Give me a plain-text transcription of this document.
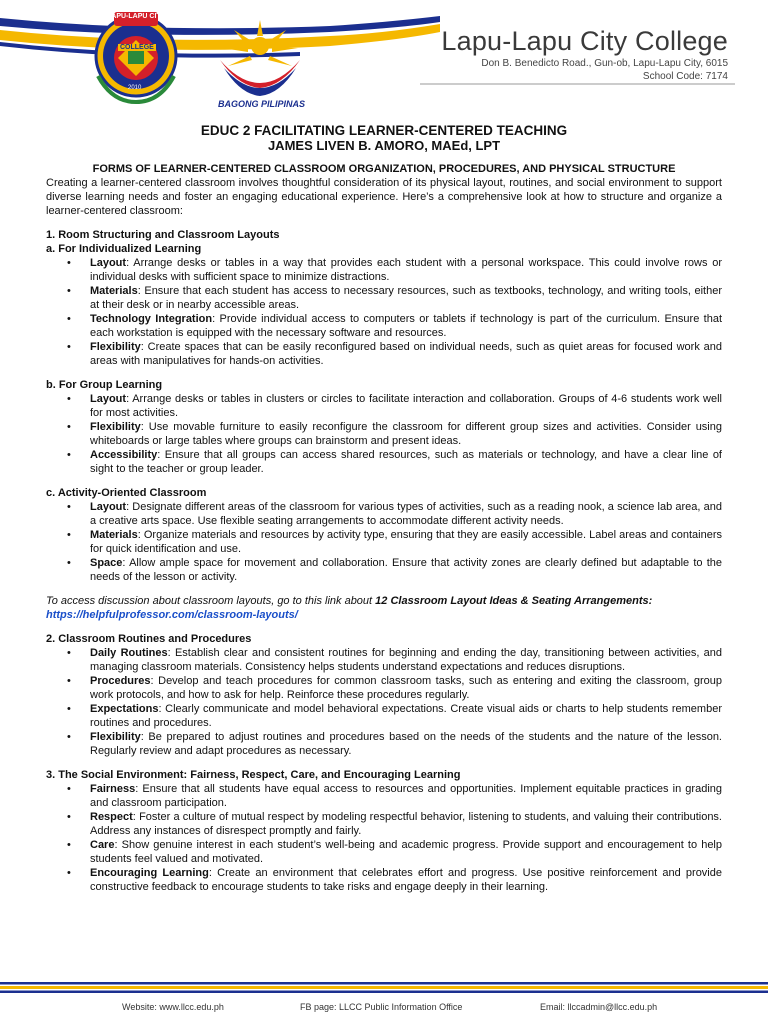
LAPU-LAPU CITY
COLLEGE
2010
BAGONG PILIPINAS
Lapu-Lapu City College
Don B. Benedicto Road., Gun-ob, Lapu-Lapu City, 6015
School Code: 7174
EDUC 2 FACILITATING LEARNER-CENTERED TEACHING
JAMES LIVEN B. AMORO, MAEd, LPT
FORMS OF LEARNER-CENTERED CLASSROOM ORGANIZATION, PROCEDURES, AND PHYSICAL STRUCTURE

Creating a learner-centered classroom involves thoughtful consideration of its physical layout, routines, and social environment to support diverse learning needs and foster an engaging educational experience. Here’s a comprehensive look at how to structure and organize a learner-centered classroom:

1. Room Structuring and Classroom Layouts
a. For Individualized Learning
• Layout: Arrange desks or tables in a way that provides each student with a personal workspace. This could involve rows or individual desks with sufficient space to minimize distractions.
• Materials: Ensure that each student has access to necessary resources, such as textbooks, technology, and writing tools, either at their desk or in nearby accessible areas.
• Technology Integration: Provide individual access to computers or tablets if technology is part of the curriculum. Ensure that each workstation is equipped with the necessary software and resources.
• Flexibility: Create spaces that can be easily reconfigured based on individual needs, such as quiet areas for focused work and areas with manipulatives for hands-on activities.
b. For Group Learning
• Layout: Arrange desks or tables in clusters or circles to facilitate interaction and collaboration. Groups of 4-6 students work well for most activities.
• Flexibility: Use movable furniture to easily reconfigure the classroom for different group sizes and activities. Consider using whiteboards or large tables where groups can brainstorm and present ideas.
• Accessibility: Ensure that all groups can access shared resources, such as materials or technology, and have a clear line of sight to the teacher or group leader.
c. Activity-Oriented Classroom
• Layout: Designate different areas of the classroom for various types of activities, such as a reading nook, a science lab area, and a creative arts space. Use flexible seating arrangements to accommodate different activity needs.
• Materials: Organize materials and resources by activity type, ensuring that they are easily accessible. Label areas and containers for quick identification and use.
• Space: Allow ample space for movement and collaboration. Ensure that activity zones are clearly defined but adaptable to the needs of the lesson or activity.

To access discussion about classroom layouts, go to this link about 12 Classroom Layout Ideas & Seating Arrangements:
https://helpfulprofessor.com/classroom-layouts/

2. Classroom Routines and Procedures
• Daily Routines: Establish clear and consistent routines for beginning and ending the day, transitioning between activities, and managing classroom materials. Consistency helps students understand expectations and reduces disruptions.
• Procedures: Develop and teach procedures for common classroom tasks, such as entering and exiting the classroom, group work protocols, and how to ask for help. Reinforce these procedures regularly.
• Expectations: Clearly communicate and model behavioral expectations. Create visual aids or charts to help students remember routines and procedures.
• Flexibility: Be prepared to adjust routines and procedures based on the needs of the students and the nature of the lesson. Regularly review and adapt procedures as necessary.
3. The Social Environment: Fairness, Respect, Care, and Encouraging Learning
• Fairness: Ensure that all students have equal access to resources and opportunities. Implement equitable practices in grading and classroom participation.
• Respect: Foster a culture of mutual respect by modeling respectful behavior, listening to students, and valuing their contributions. Address any instances of disrespect promptly and fairly.
• Care: Show genuine interest in each student’s well-being and academic progress. Provide support and encouragement to help students feel valued and motivated.
• Encouraging Learning: Create an environment that celebrates effort and progress. Use positive reinforcement and provide constructive feedback to encourage students to take risks and engage deeply in their learning.
Website: www.llcc.edu.ph	FB page: LLCC Public Information Office	Email: llccadmin@llcc.edu.ph
